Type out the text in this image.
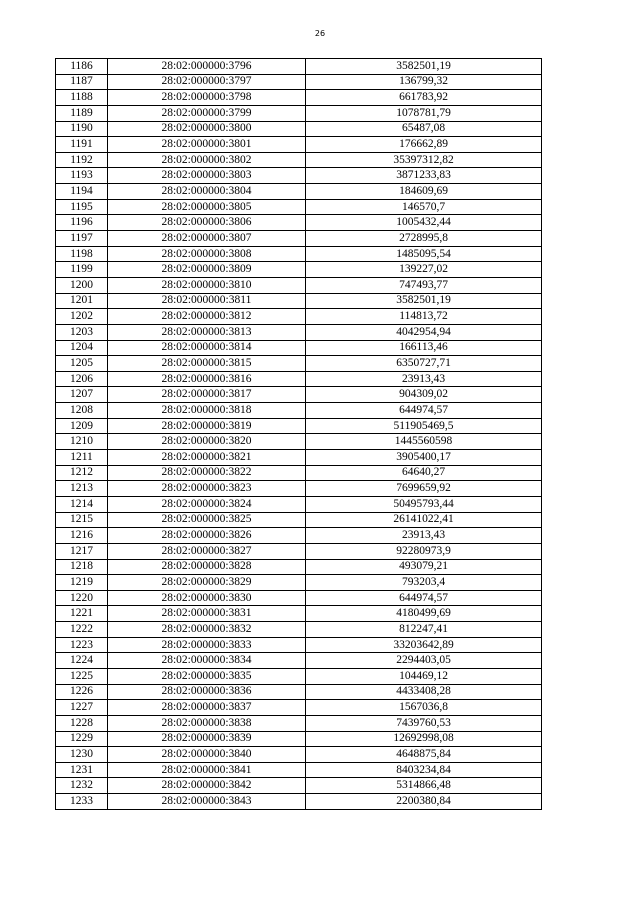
26
1186	28:02:000000:3796	3582501,19
1187	28:02:000000:3797	136799,32
1188	28:02:000000:3798	661783,92
1189	28:02:000000:3799	1078781,79
1190	28:02:000000:3800	65487,08
1191	28:02:000000:3801	176662,89
1192	28:02:000000:3802	35397312,82
1193	28:02:000000:3803	3871233,83
1194	28:02:000000:3804	184609,69
1195	28:02:000000:3805	146570,7
1196	28:02:000000:3806	1005432,44
1197	28:02:000000:3807	2728995,8
1198	28:02:000000:3808	1485095,54
1199	28:02:000000:3809	139227,02
1200	28:02:000000:3810	747493,77
1201	28:02:000000:3811	3582501,19
1202	28:02:000000:3812	114813,72
1203	28:02:000000:3813	4042954,94
1204	28:02:000000:3814	166113,46
1205	28:02:000000:3815	6350727,71
1206	28:02:000000:3816	23913,43
1207	28:02:000000:3817	904309,02
1208	28:02:000000:3818	644974,57
1209	28:02:000000:3819	511905469,5
1210	28:02:000000:3820	1445560598
1211	28:02:000000:3821	3905400,17
1212	28:02:000000:3822	64640,27
1213	28:02:000000:3823	7699659,92
1214	28:02:000000:3824	50495793,44
1215	28:02:000000:3825	26141022,41
1216	28:02:000000:3826	23913,43
1217	28:02:000000:3827	92280973,9
1218	28:02:000000:3828	493079,21
1219	28:02:000000:3829	793203,4
1220	28:02:000000:3830	644974,57
1221	28:02:000000:3831	4180499,69
1222	28:02:000000:3832	812247,41
1223	28:02:000000:3833	33203642,89
1224	28:02:000000:3834	2294403,05
1225	28:02:000000:3835	104469,12
1226	28:02:000000:3836	4433408,28
1227	28:02:000000:3837	1567036,8
1228	28:02:000000:3838	7439760,53
1229	28:02:000000:3839	12692998,08
1230	28:02:000000:3840	4648875,84
1231	28:02:000000:3841	8403234,84
1232	28:02:000000:3842	5314866,48
1233	28:02:000000:3843	2200380,84
